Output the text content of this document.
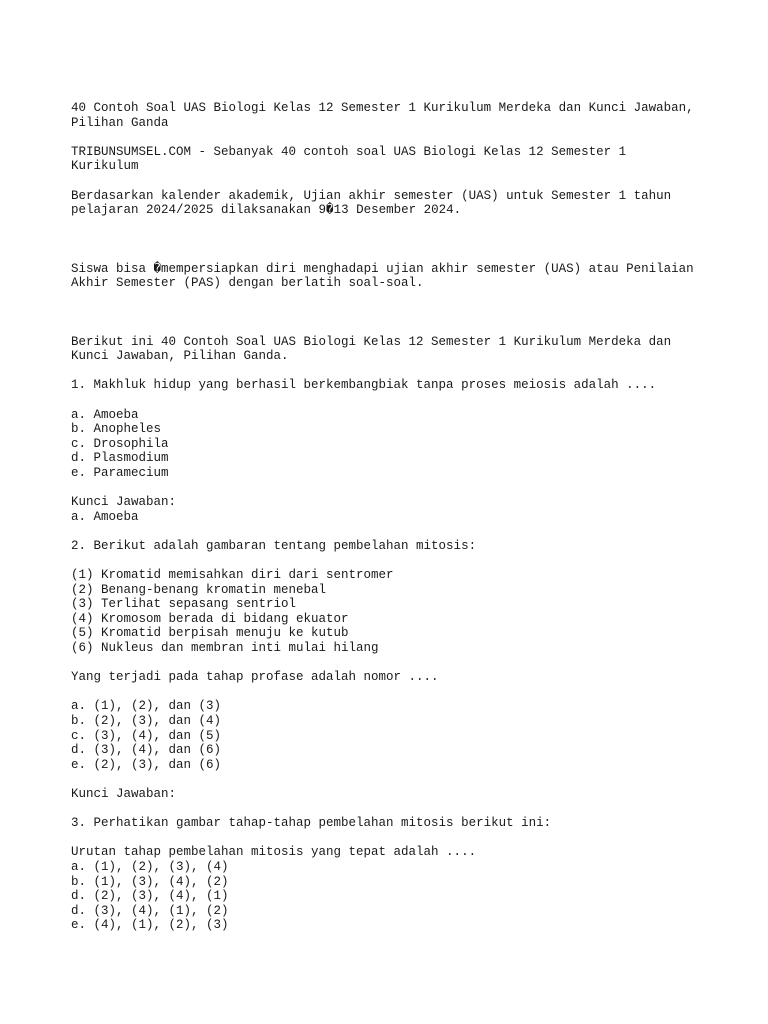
40 Contoh Soal UAS Biologi Kelas 12 Semester 1 Kurikulum Merdeka dan Kunci Jawaban,
Pilihan Ganda
TRIBUNSUMSEL.COM - Sebanyak 40 contoh soal UAS Biologi Kelas 12 Semester 1
Kurikulum
Berdasarkan kalender akademik, Ujian akhir semester (UAS) untuk Semester 1 tahun
pelajaran 2024/2025 dilaksanakan 9�13 Desember 2024.
Siswa bisa �mempersiapkan diri menghadapi ujian akhir semester (UAS) atau Penilaian
Akhir Semester (PAS) dengan berlatih soal-soal.
Berikut ini 40 Contoh Soal UAS Biologi Kelas 12 Semester 1 Kurikulum Merdeka dan
Kunci Jawaban, Pilihan Ganda.
1. Makhluk hidup yang berhasil berkembangbiak tanpa proses meiosis adalah ....
a. Amoeba
b. Anopheles
c. Drosophila
d. Plasmodium
e. Paramecium
Kunci Jawaban:
a. Amoeba
2. Berikut adalah gambaran tentang pembelahan mitosis:
(1) Kromatid memisahkan diri dari sentromer
(2) Benang-benang kromatin menebal
(3) Terlihat sepasang sentriol
(4) Kromosom berada di bidang ekuator
(5) Kromatid berpisah menuju ke kutub
(6) Nukleus dan membran inti mulai hilang
Yang terjadi pada tahap profase adalah nomor ....
a. (1), (2), dan (3)
b. (2), (3), dan (4)
c. (3), (4), dan (5)
d. (3), (4), dan (6)
e. (2), (3), dan (6)
Kunci Jawaban:
3. Perhatikan gambar tahap-tahap pembelahan mitosis berikut ini:
Urutan tahap pembelahan mitosis yang tepat adalah ....
a. (1), (2), (3), (4)
b. (1), (3), (4), (2)
d. (2), (3), (4), (1)
d. (3), (4), (1), (2)
e. (4), (1), (2), (3)
